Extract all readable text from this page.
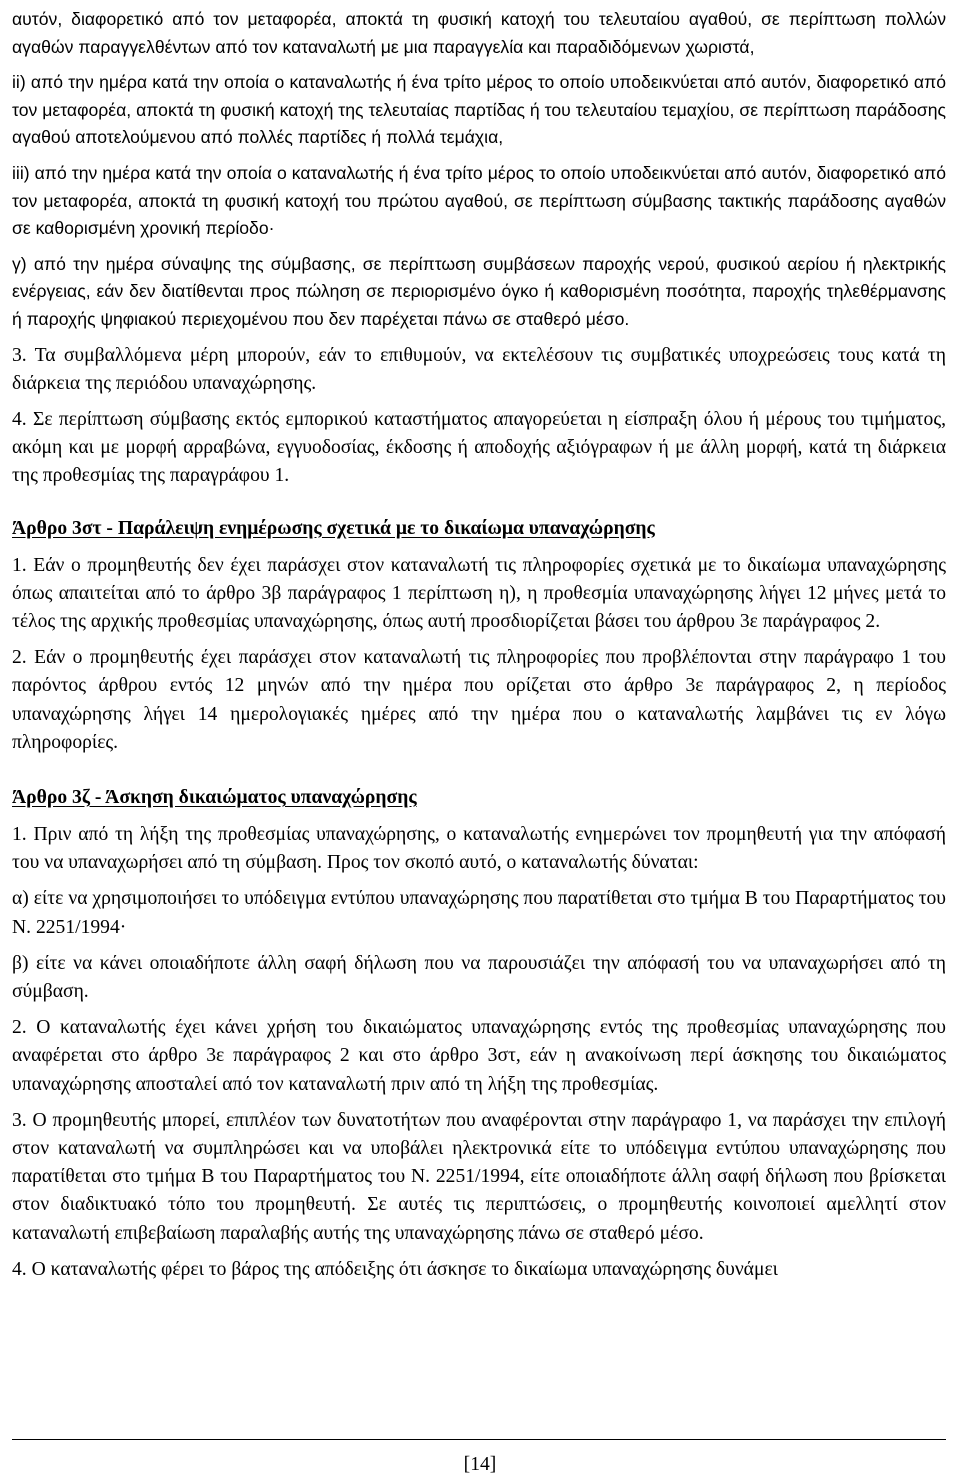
αυτόν, διαφορετικό από τον μεταφορέα, αποκτά τη φυσική κατοχή του τελευταίου αγαθού, σε περίπτωση πολλών αγαθών παραγγελθέντων από τον καταναλωτή με μια παραγγελία και παραδιδόμενων χωριστά,

ii) από την ημέρα κατά την οποία ο καταναλωτής ή ένα τρίτο μέρος το οποίο υποδεικνύεται από αυτόν, διαφορετικό από τον μεταφορέα, αποκτά τη φυσική κατοχή της τελευταίας παρτίδας ή του τελευταίου τεμαχίου, σε περίπτωση παράδοσης αγαθού αποτελούμενου από πολλές παρτίδες ή πολλά τεμάχια,

iii) από την ημέρα κατά την οποία ο καταναλωτής ή ένα τρίτο μέρος το οποίο υποδεικνύεται από αυτόν, διαφορετικό από τον μεταφορέα, αποκτά τη φυσική κατοχή του πρώτου αγαθού, σε περίπτωση σύμβασης τακτικής παράδοσης αγαθών σε καθορισμένη χρονική περίοδο·

γ) από την ημέρα σύναψης της σύμβασης, σε περίπτωση συμβάσεων παροχής νερού, φυσικού αερίου ή ηλεκτρικής ενέργειας, εάν δεν διατίθενται προς πώληση σε περιορισμένο όγκο ή καθορισμένη ποσότητα, παροχής τηλεθέρμανσης ή παροχής ψηφιακού περιεχομένου που δεν παρέχεται πάνω σε σταθερό μέσο.

3. Τα συμβαλλόμενα μέρη μπορούν, εάν το επιθυμούν, να εκτελέσουν τις συμβατικές υποχρεώσεις τους κατά τη διάρκεια της περιόδου υπαναχώρησης.

4. Σε περίπτωση σύμβασης εκτός εμπορικού καταστήματος απαγορεύεται η είσπραξη όλου ή μέρους του τιμήματος, ακόμη και με μορφή αρραβώνα, εγγυοδοσίας, έκδοσης ή αποδοχής αξιόγραφων ή με άλλη μορφή, κατά τη διάρκεια της προθεσμίας της παραγράφου 1.

Άρθρο 3στ - Παράλειψη ενημέρωσης σχετικά με το δικαίωμα υπαναχώρησης

1. Εάν ο προμηθευτής δεν έχει παράσχει στον καταναλωτή τις πληροφορίες σχετικά με το δικαίωμα υπαναχώρησης όπως απαιτείται από το άρθρο 3β παράγραφος 1 περίπτωση η), η προθεσμία υπαναχώρησης λήγει 12 μήνες μετά το τέλος της αρχικής προθεσμίας υπαναχώρησης, όπως αυτή προσδιορίζεται βάσει του άρθρου 3ε παράγραφος 2.

2. Εάν ο προμηθευτής έχει παράσχει στον καταναλωτή τις πληροφορίες που προβλέπονται στην παράγραφο 1 του παρόντος άρθρου εντός 12 μηνών από την ημέρα που ορίζεται στο άρθρο 3ε παράγραφος 2, η περίοδος υπαναχώρησης λήγει 14 ημερολογιακές ημέρες από την ημέρα που ο καταναλωτής λαμβάνει τις εν λόγω πληροφορίες.

Άρθρο 3ζ - Άσκηση δικαιώματος υπαναχώρησης

1. Πριν από τη λήξη της προθεσμίας υπαναχώρησης, ο καταναλωτής ενημερώνει τον προμηθευτή για την απόφασή του να υπαναχωρήσει από τη σύμβαση. Προς τον σκοπό αυτό, ο καταναλωτής δύναται:

α) είτε να χρησιμοποιήσει το υπόδειγμα εντύπου υπαναχώρησης που παρατίθεται στο τμήμα Β του Παραρτήματος του Ν. 2251/1994·

β) είτε να κάνει οποιαδήποτε άλλη σαφή δήλωση που να παρουσιάζει την απόφασή του να υπαναχωρήσει από τη σύμβαση.

2. Ο καταναλωτής έχει κάνει χρήση του δικαιώματος υπαναχώρησης εντός της προθεσμίας υπαναχώρησης που αναφέρεται στο άρθρο 3ε παράγραφος 2 και στο άρθρο 3στ, εάν η ανακοίνωση περί άσκησης του δικαιώματος υπαναχώρησης αποσταλεί από τον καταναλωτή πριν από τη λήξη της προθεσμίας.

3. Ο προμηθευτής μπορεί, επιπλέον των δυνατοτήτων που αναφέρονται στην παράγραφο 1, να παράσχει την επιλογή στον καταναλωτή να συμπληρώσει και να υποβάλει ηλεκτρονικά είτε το υπόδειγμα εντύπου υπαναχώρησης που παρατίθεται στο τμήμα Β του Παραρτήματος του Ν. 2251/1994, είτε οποιαδήποτε άλλη σαφή δήλωση που βρίσκεται στον διαδικτυακό τόπο του προμηθευτή. Σε αυτές τις περιπτώσεις, ο προμηθευτής κοινοποιεί αμελλητί στον καταναλωτή επιβεβαίωση παραλαβής αυτής της υπαναχώρησης πάνω σε σταθερό μέσο.

4. Ο καταναλωτής φέρει το βάρος της απόδειξης ότι άσκησε το δικαίωμα υπαναχώρησης δυνάμει

[14]
